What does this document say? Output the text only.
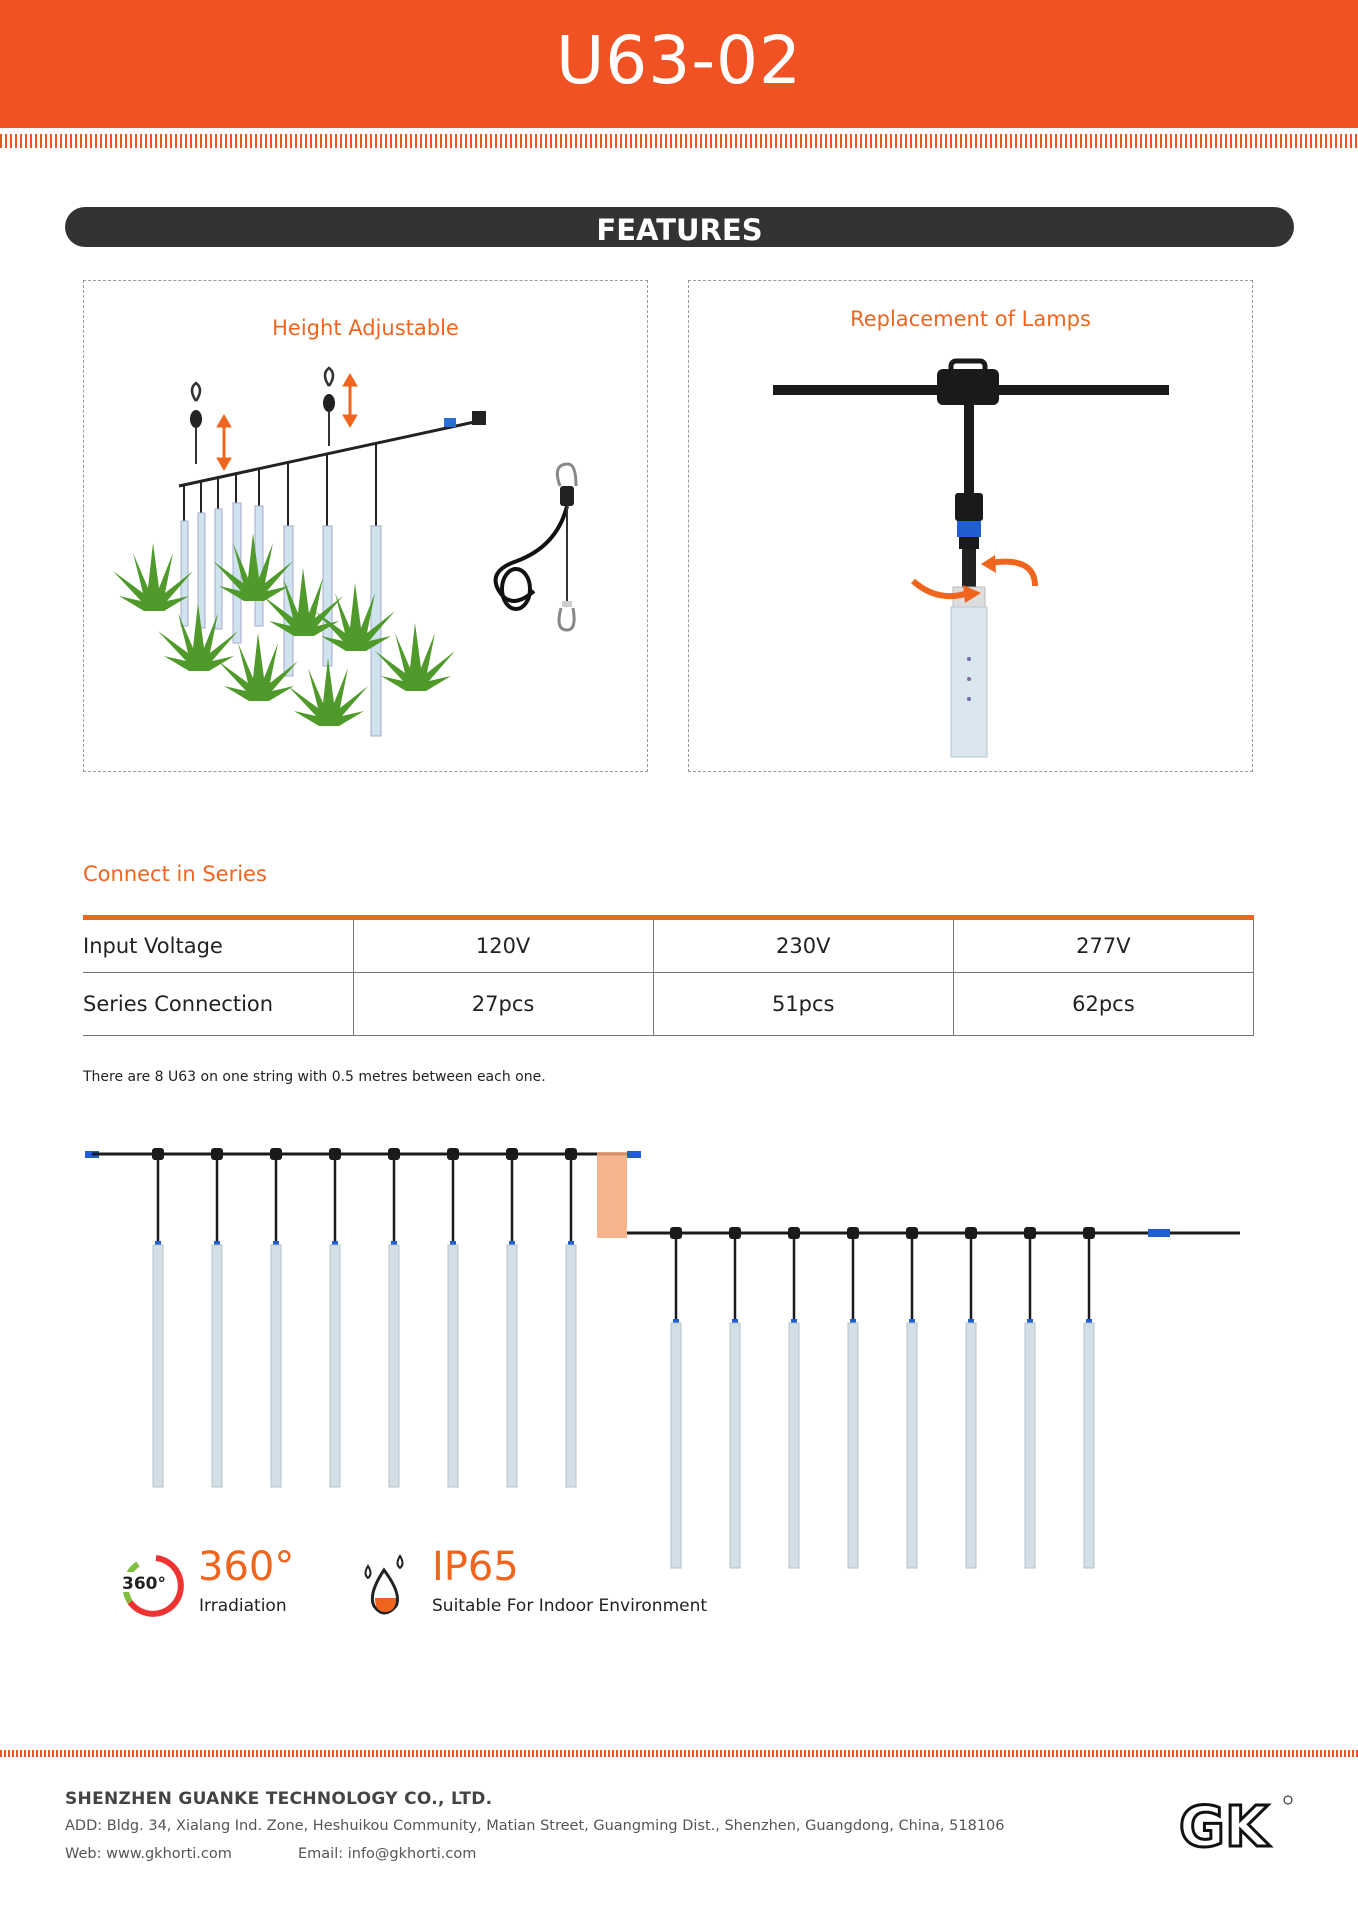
U63-02
FEATURES
Height Adjustable	Replacement of Lamps
Connect in Series
Input Voltage	120V	230V	277V
Series Connection	27pcs	51pcs	62pcs
There are 8 U63 on one string with 0.5 metres between each one.
360° 360°
Irradiation
IP65
Suitable For Indoor Environment
SHENZHEN GUANKE TECHNOLOGY CO., LTD.
ADD: Bldg. 34, Xialang Ind. Zone, Heshuikou Community, Matian Street, Guangming Dist., Shenzhen, Guangdong, China, 518106
Web: www.gkhorti.com	Email: info@gkhorti.com	GK
